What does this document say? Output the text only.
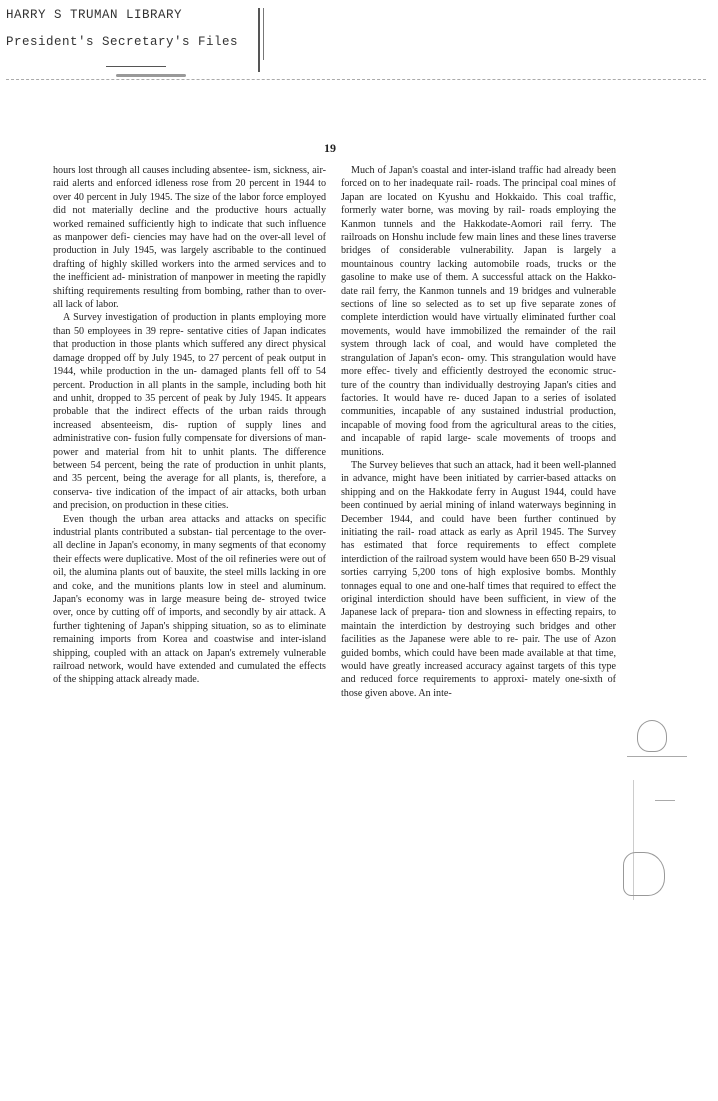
HARRY S TRUMAN LIBRARY
President's Secretary's Files
19

hours lost through all causes including absentee- ism, sickness, air-raid alerts and enforced idleness rose from 20 percent in 1944 to over 40 percent in July 1945. The size of the labor force employed did not materially decline and the productive hours actually worked remained sufficiently high to indicate that such influence as manpower defi- ciencies may have had on the over-all level of production in July 1945, was largely ascribable to the continued drafting of highly skilled workers into the armed services and to the inefficient ad- ministration of manpower in meeting the rapidly shifting requirements resulting from bombing, rather than to over-all lack of labor.

A Survey investigation of production in plants employing more than 50 employees in 39 repre- sentative cities of Japan indicates that production in those plants which suffered any direct physical damage dropped off by July 1945, to 27 percent of peak output in 1944, while production in the un- damaged plants fell off to 54 percent. Production in all plants in the sample, including both hit and unhit, dropped to 35 percent of peak by July 1945. It appears probable that the indirect effects of the urban raids through increased absenteeism, dis- ruption of supply lines and administrative con- fusion fully compensate for diversions of man- power and material from hit to unhit plants. The difference between 54 percent, being the rate of production in unhit plants, and 35 percent, being the average for all plants, is, therefore, a conserva- tive indication of the impact of air attacks, both urban and precision, on production in these cities.

Even though the urban area attacks and attacks on specific industrial plants contributed a substan- tial percentage to the over-all decline in Japan's economy, in many segments of that economy their effects were duplicative. Most of the oil refineries were out of oil, the alumina plants out of bauxite, the steel mills lacking in ore and coke, and the munitions plants low in steel and aluminum. Japan's economy was in large measure being de- stroyed twice over, once by cutting off of imports, and secondly by air attack. A further tightening of Japan's shipping situation, so as to eliminate remaining imports from Korea and coastwise and inter-island shipping, coupled with an attack on Japan's extremely vulnerable railroad network, would have extended and cumulated the effects of the shipping attack already made.

Much of Japan's coastal and inter-island traffic had already been forced on to her inadequate rail- roads. The principal coal mines of Japan are located on Kyushu and Hokkaido. This coal traffic, formerly water borne, was moving by rail- roads employing the Kanmon tunnels and the Hakkodate-Aomori rail ferry. The railroads on Honshu include few main lines and these lines traverse bridges of considerable vulnerability. Japan is largely a mountainous country lacking automobile roads, trucks or the gasoline to make use of them. A successful attack on the Hakko- date rail ferry, the Kanmon tunnels and 19 bridges and vulnerable sections of line so selected as to set up five separate zones of complete interdiction would have virtually eliminated further coal movements, would have immobilized the remainder of the rail system through lack of coal, and would have completed the strangulation of Japan's econ- omy. This strangulation would have more effec- tively and efficiently destroyed the economic struc- ture of the country than individually destroying Japan's cities and factories. It would have re- duced Japan to a series of isolated communities, incapable of any sustained industrial production, incapable of moving food from the agricultural areas to the cities, and incapable of rapid large- scale movements of troops and munitions.

The Survey believes that such an attack, had it been well-planned in advance, might have been initiated by carrier-based attacks on shipping and on the Hakkodate ferry in August 1944, could have been continued by aerial mining of inland waterways beginning in December 1944, and could have been further continued by initiating the rail- road attack as early as April 1945. The Survey has estimated that force requirements to effect complete interdiction of the railroad system would have been 650 B-29 visual sorties carrying 5,200 tons of high explosive bombs. Monthly tonnages equal to one and one-half times that required to effect the original interdiction should have been sufficient, in view of the Japanese lack of prepara- tion and slowness in effecting repairs, to maintain the interdiction by destroying such bridges and other facilities as the Japanese were able to re- pair. The use of Azon guided bombs, which could have been made available at that time, would have greatly increased accuracy against targets of this type and reduced force requirements to approxi- mately one-sixth of those given above. An inte-
